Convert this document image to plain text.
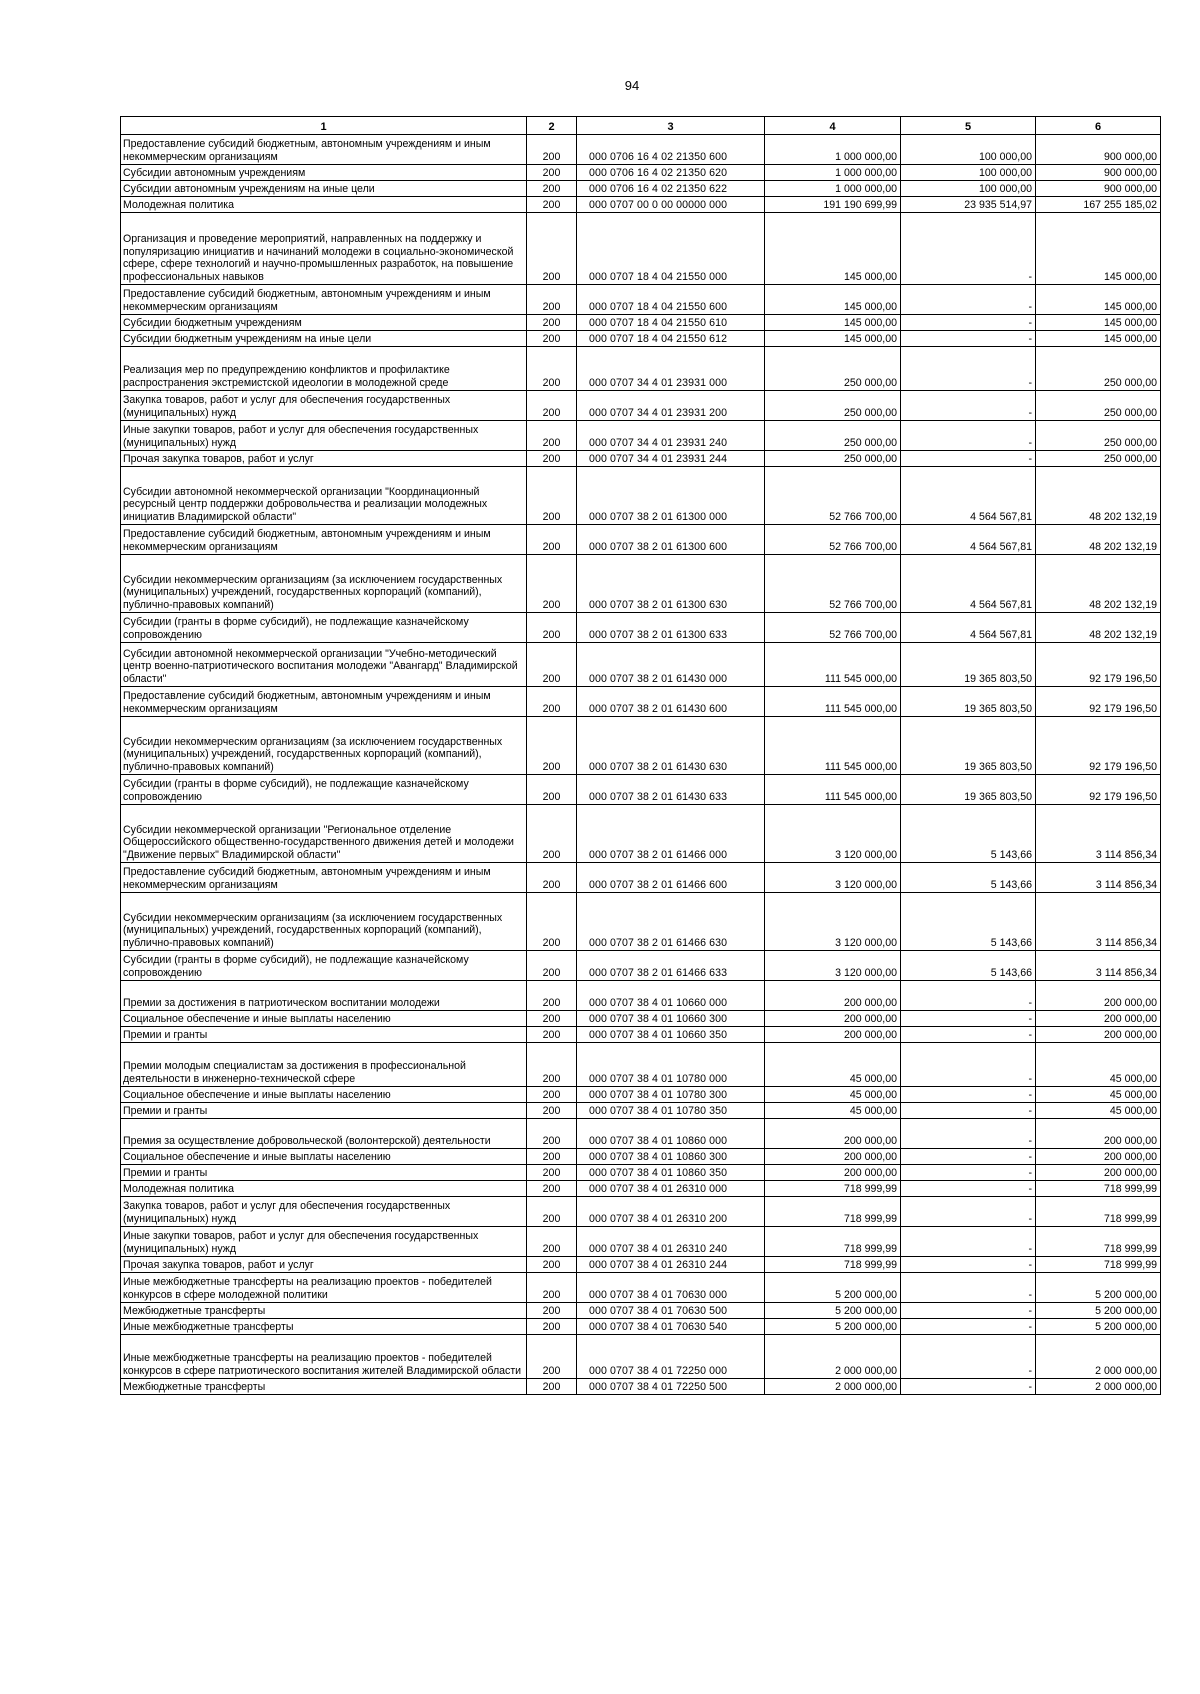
94
1	2	3	4	5	6
Предоставление субсидий бюджетным, автономным учреждениям и иным некоммерческим организациям	200	000 0706 16 4 02 21350 600	1 000 000,00	100 000,00	900 000,00
Субсидии автономным учреждениям	200	000 0706 16 4 02 21350 620	1 000 000,00	100 000,00	900 000,00
Субсидии автономным учреждениям на иные цели	200	000 0706 16 4 02 21350 622	1 000 000,00	100 000,00	900 000,00
Молодежная политика	200	000 0707 00 0 00 00000 000	191 190 699,99	23 935 514,97	167 255 185,02
Организация и проведение мероприятий, направленных на поддержку и популяризацию инициатив и начинаний молодежи в социально-экономической сфере, сфере технологий и научно-промышленных разработок, на повышение профессиональных навыков	200	000 0707 18 4 04 21550 000	145 000,00	-	145 000,00
Предоставление субсидий бюджетным, автономным учреждениям и иным некоммерческим организациям	200	000 0707 18 4 04 21550 600	145 000,00	-	145 000,00
Субсидии бюджетным учреждениям	200	000 0707 18 4 04 21550 610	145 000,00	-	145 000,00
Субсидии бюджетным учреждениям на иные цели	200	000 0707 18 4 04 21550 612	145 000,00	-	145 000,00
Реализация мер по предупреждению конфликтов и профилактике распространения экстремистской идеологии в молодежной среде	200	000 0707 34 4 01 23931 000	250 000,00	-	250 000,00
Закупка товаров, работ и услуг для обеспечения государственных (муниципальных) нужд	200	000 0707 34 4 01 23931 200	250 000,00	-	250 000,00
Иные закупки товаров, работ и услуг для обеспечения государственных (муниципальных) нужд	200	000 0707 34 4 01 23931 240	250 000,00	-	250 000,00
Прочая закупка товаров, работ и услуг	200	000 0707 34 4 01 23931 244	250 000,00	-	250 000,00
Субсидии автономной некоммерческой организации "Координационный ресурсный центр поддержки добровольчества и реализации молодежных инициатив Владимирской области"	200	000 0707 38 2 01 61300 000	52 766 700,00	4 564 567,81	48 202 132,19
Предоставление субсидий бюджетным, автономным учреждениям и иным некоммерческим организациям	200	000 0707 38 2 01 61300 600	52 766 700,00	4 564 567,81	48 202 132,19
Субсидии некоммерческим организациям (за исключением государственных (муниципальных) учреждений, государственных корпораций (компаний), публично-правовых компаний)	200	000 0707 38 2 01 61300 630	52 766 700,00	4 564 567,81	48 202 132,19
Субсидии (гранты в форме субсидий), не подлежащие казначейскому сопровождению	200	000 0707 38 2 01 61300 633	52 766 700,00	4 564 567,81	48 202 132,19
Субсидии автономной некоммерческой организации "Учебно-методический центр военно-патриотического воспитания молодежи "Авангард" Владимирской области"	200	000 0707 38 2 01 61430 000	111 545 000,00	19 365 803,50	92 179 196,50
Предоставление субсидий бюджетным, автономным учреждениям и иным некоммерческим организациям	200	000 0707 38 2 01 61430 600	111 545 000,00	19 365 803,50	92 179 196,50
Субсидии некоммерческим организациям (за исключением государственных (муниципальных) учреждений, государственных корпораций (компаний), публично-правовых компаний)	200	000 0707 38 2 01 61430 630	111 545 000,00	19 365 803,50	92 179 196,50
Субсидии (гранты в форме субсидий), не подлежащие казначейскому сопровождению	200	000 0707 38 2 01 61430 633	111 545 000,00	19 365 803,50	92 179 196,50
Субсидии некоммерческой организации "Региональное отделение Общероссийского общественно-государственного движения детей и молодежи "Движение первых" Владимирской области"	200	000 0707 38 2 01 61466 000	3 120 000,00	5 143,66	3 114 856,34
Предоставление субсидий бюджетным, автономным учреждениям и иным некоммерческим организациям	200	000 0707 38 2 01 61466 600	3 120 000,00	5 143,66	3 114 856,34
Субсидии некоммерческим организациям (за исключением государственных (муниципальных) учреждений, государственных корпораций (компаний), публично-правовых компаний)	200	000 0707 38 2 01 61466 630	3 120 000,00	5 143,66	3 114 856,34
Субсидии (гранты в форме субсидий), не подлежащие казначейскому сопровождению	200	000 0707 38 2 01 61466 633	3 120 000,00	5 143,66	3 114 856,34
Премии за достижения в патриотическом воспитании молодежи	200	000 0707 38 4 01 10660 000	200 000,00	-	200 000,00
Социальное обеспечение и иные выплаты населению	200	000 0707 38 4 01 10660 300	200 000,00	-	200 000,00
Премии и гранты	200	000 0707 38 4 01 10660 350	200 000,00	-	200 000,00
Премии молодым специалистам за достижения в профессиональной деятельности в инженерно-технической сфере	200	000 0707 38 4 01 10780 000	45 000,00	-	45 000,00
Социальное обеспечение и иные выплаты населению	200	000 0707 38 4 01 10780 300	45 000,00	-	45 000,00
Премии и гранты	200	000 0707 38 4 01 10780 350	45 000,00	-	45 000,00
Премия за осуществление добровольческой (волонтерской) деятельности	200	000 0707 38 4 01 10860 000	200 000,00	-	200 000,00
Социальное обеспечение и иные выплаты населению	200	000 0707 38 4 01 10860 300	200 000,00	-	200 000,00
Премии и гранты	200	000 0707 38 4 01 10860 350	200 000,00	-	200 000,00
Молодежная политика	200	000 0707 38 4 01 26310 000	718 999,99	-	718 999,99
Закупка товаров, работ и услуг для обеспечения государственных (муниципальных) нужд	200	000 0707 38 4 01 26310 200	718 999,99	-	718 999,99
Иные закупки товаров, работ и услуг для обеспечения государственных (муниципальных) нужд	200	000 0707 38 4 01 26310 240	718 999,99	-	718 999,99
Прочая закупка товаров, работ и услуг	200	000 0707 38 4 01 26310 244	718 999,99	-	718 999,99
Иные межбюджетные трансферты на реализацию проектов - победителей конкурсов в сфере молодежной политики	200	000 0707 38 4 01 70630 000	5 200 000,00	-	5 200 000,00
Межбюджетные трансферты	200	000 0707 38 4 01 70630 500	5 200 000,00	-	5 200 000,00
Иные межбюджетные трансферты	200	000 0707 38 4 01 70630 540	5 200 000,00	-	5 200 000,00
Иные межбюджетные трансферты на реализацию проектов - победителей конкурсов в сфере патриотического воспитания жителей Владимирской области	200	000 0707 38 4 01 72250 000	2 000 000,00	-	2 000 000,00
Межбюджетные трансферты	200	000 0707 38 4 01 72250 500	2 000 000,00	-	2 000 000,00
